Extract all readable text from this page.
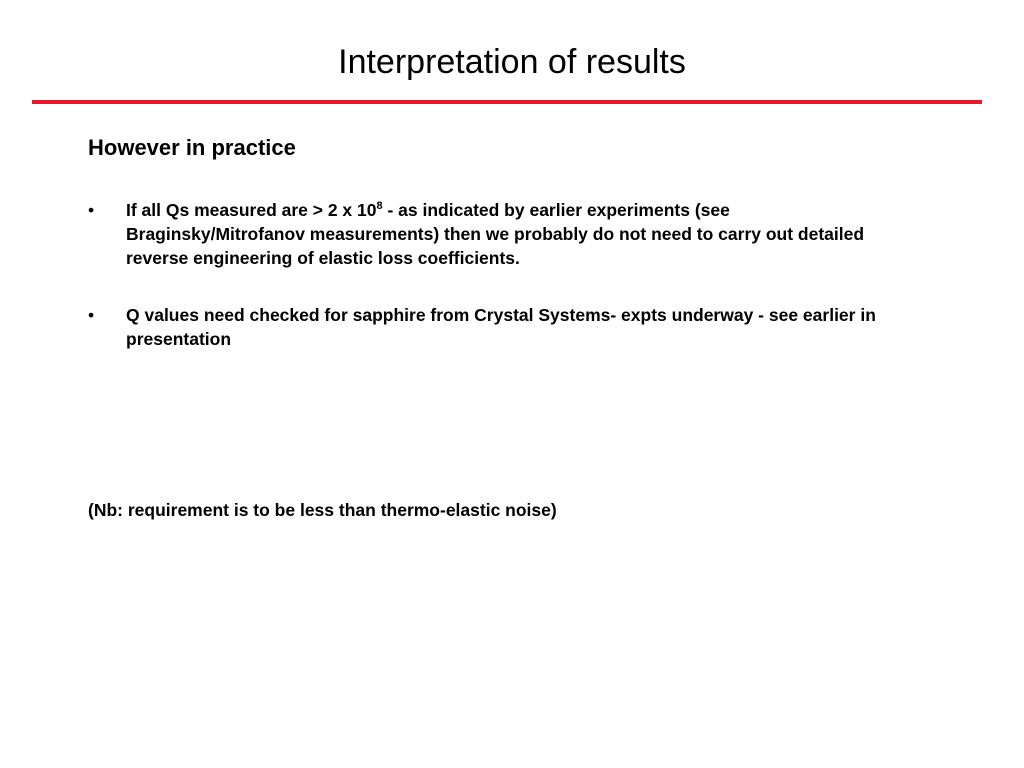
Interpretation of results
However in practice
• If all Qs measured are > 2 x $10^8$ - as indicated by earlier experiments (see Braginsky/Mitrofanov measurements) then we probably do not need to carry out detailed reverse engineering of elastic loss coefficients.
• Q values need checked for sapphire from Crystal Systems- expts underway - see earlier in presentation

(Nb: requirement is to be less than thermo-elastic noise)
